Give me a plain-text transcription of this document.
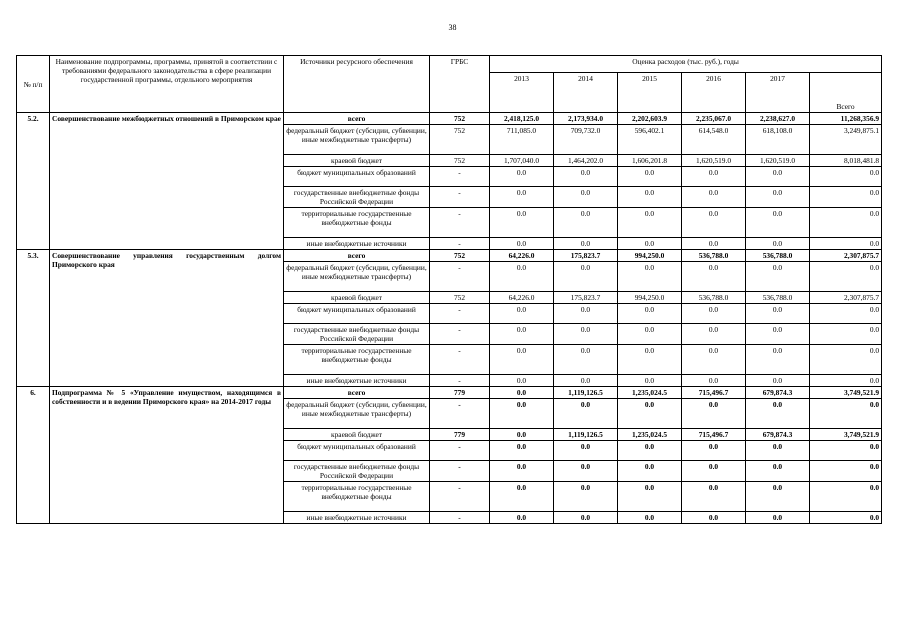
38
№ п/п	Наименование подпрограммы, программы, принятой в соответствии с требованиями федерального законодательства в сфере реализации государственной программы, отдельного мероприятия	Источники ресурсного обеспечения	ГРБС	Оценка расходов (тыс. руб.), годы					
				2013	2014	2015	2016	2017	Всего
5.2.	Совершенствование межбюджетных отношений в Приморском крае	всего	752	2,418,125.0	2,173,934.0	2,202,603.9	2,235,067.0	2,238,627.0	11,268,356.9
		федеральный бюджет (субсидии, субвенции, иные межбюджетные трансферты)	752	711,085.0	709,732.0	596,402.1	614,548.0	618,108.0	3,249,875.1
		краевой бюджет	752	1,707,040.0	1,464,202.0	1,606,201.8	1,620,519.0	1,620,519.0	8,018,481.8
		бюджет муниципальных образований	-	0.0	0.0	0.0	0.0	0.0	0.0
		государственные внебюджетные фонды Российской Федерации	-	0.0	0.0	0.0	0.0	0.0	0.0
		территориальные государственные внебюджетные фонды	-	0.0	0.0	0.0	0.0	0.0	0.0
		иные внебюджетные источники	-	0.0	0.0	0.0	0.0	0.0	0.0
5.3.	Совершенствование управления государственным долгом Приморского края	всего	752	64,226.0	175,823.7	994,250.0	536,788.0	536,788.0	2,307,875.7
		федеральный бюджет (субсидии, субвенции, иные межбюджетные трансферты)	-	0.0	0.0	0.0	0.0	0.0	0.0
		краевой бюджет	752	64,226.0	175,823.7	994,250.0	536,788.0	536,788.0	2,307,875.7
		бюджет муниципальных образований	-	0.0	0.0	0.0	0.0	0.0	0.0
		государственные внебюджетные фонды Российской Федерации	-	0.0	0.0	0.0	0.0	0.0	0.0
		территориальные государственные внебюджетные фонды	-	0.0	0.0	0.0	0.0	0.0	0.0
		иные внебюджетные источники	-	0.0	0.0	0.0	0.0	0.0	0.0
6.	Подпрограмма № 5 «Управление имуществом, находящимся в собственности и в ведении Приморского края» на 2014-2017 годы	всего	779	0.0	1,119,126.5	1,235,024.5	715,496.7	679,874.3	3,749,521.9
		федеральный бюджет (субсидии, субвенции, иные межбюджетные трансферты)	-	0.0	0.0	0.0	0.0	0.0	0.0
		краевой бюджет	779	0.0	1,119,126.5	1,235,024.5	715,496.7	679,874.3	3,749,521.9
		бюджет муниципальных образований	-	0.0	0.0	0.0	0.0	0.0	0.0
		государственные внебюджетные фонды Российской Федерации	-	0.0	0.0	0.0	0.0	0.0	0.0
		территориальные государственные внебюджетные фонды	-	0.0	0.0	0.0	0.0	0.0	0.0
		иные внебюджетные источники	-	0.0	0.0	0.0	0.0	0.0	0.0
